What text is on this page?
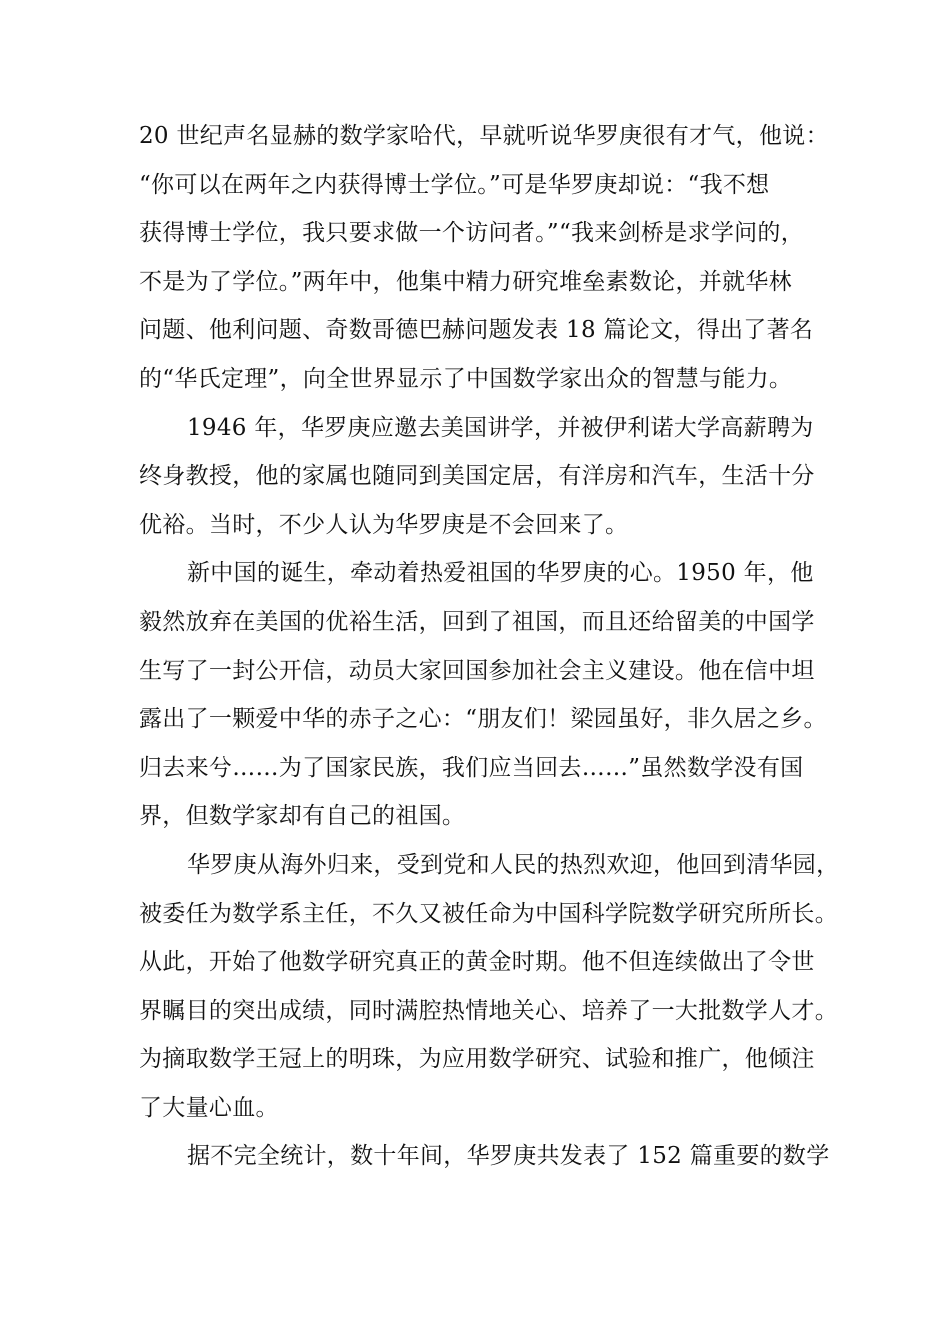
20 世纪声名显赫的数学家哈代，早就听说华罗庚很有才气，他说：
“你可以在两年之内获得博士学位。”可是华罗庚却说：“我不想
获得博士学位，我只要求做一个访问者。”“我来剑桥是求学问的，
不是为了学位。”两年中，他集中精力研究堆垒素数论，并就华林
问题、他利问题、奇数哥德巴赫问题发表 18 篇论文，得出了著名
的“华氏定理”，向全世界显示了中国数学家出众的智慧与能力。
1946 年，华罗庚应邀去美国讲学，并被伊利诺大学高薪聘为
终身教授，他的家属也随同到美国定居，有洋房和汽车，生活十分
优裕。当时，不少人认为华罗庚是不会回来了。
新中国的诞生，牵动着热爱祖国的华罗庚的心。1950 年，他
毅然放弃在美国的优裕生活，回到了祖国，而且还给留美的中国学
生写了一封公开信，动员大家回国参加社会主义建设。他在信中坦
露出了一颗爱中华的赤子之心：“朋友们！梁园虽好，非久居之乡。
归去来兮……为了国家民族，我们应当回去……”虽然数学没有国
界，但数学家却有自己的祖国。
华罗庚从海外归来，受到党和人民的热烈欢迎，他回到清华园，
被委任为数学系主任，不久又被任命为中国科学院数学研究所所长。
从此，开始了他数学研究真正的黄金时期。他不但连续做出了令世
界瞩目的突出成绩，同时满腔热情地关心、培养了一大批数学人才。
为摘取数学王冠上的明珠，为应用数学研究、试验和推广，他倾注
了大量心血。
据不完全统计，数十年间，华罗庚共发表了 152 篇重要的数学
